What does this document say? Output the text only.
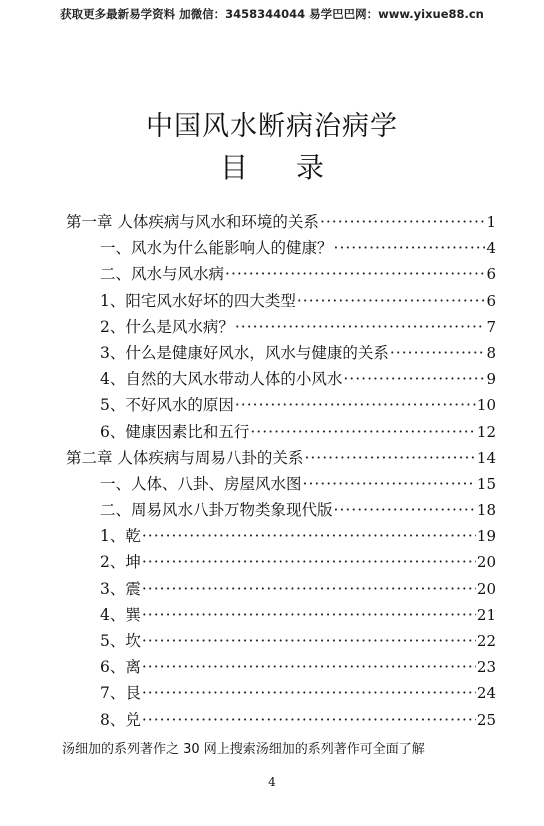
获取更多最新易学资料 加微信：3458344044 易学巴巴网：www.yixue88.cn
中国风水断病治病学
目录
第一章 人体疾病与风水和环境的关系 ·····	1
一、风水为什么能影响人的健康？ ·····	4
二、风水与风水病 ·····	6
1、阳宅风水好坏的四大类型 ·····	6
2、什么是风水病？ ·····	7
3、什么是健康好风水，风水与健康的关系 ·····	8
4、自然的大风水带动人体的小风水 ·····	9
5、不好风水的原因 ·····	10
6、健康因素比和五行 ·····	12
第二章 人体疾病与周易八卦的关系 ·····	14
一、人体、八卦、房屋风水图 ·····	15
二、周易风水八卦万物类象现代版 ·····	18
1、乾 ·····	19
2、坤 ·····	20
3、震 ·····	20
4、巽 ·····	21
5、坎 ·····	22
6、离 ·····	23
7、艮 ·····	24
8、兑 ·····	25
汤细加的系列著作之 30 网上搜索汤细加的系列著作可全面了解
4
